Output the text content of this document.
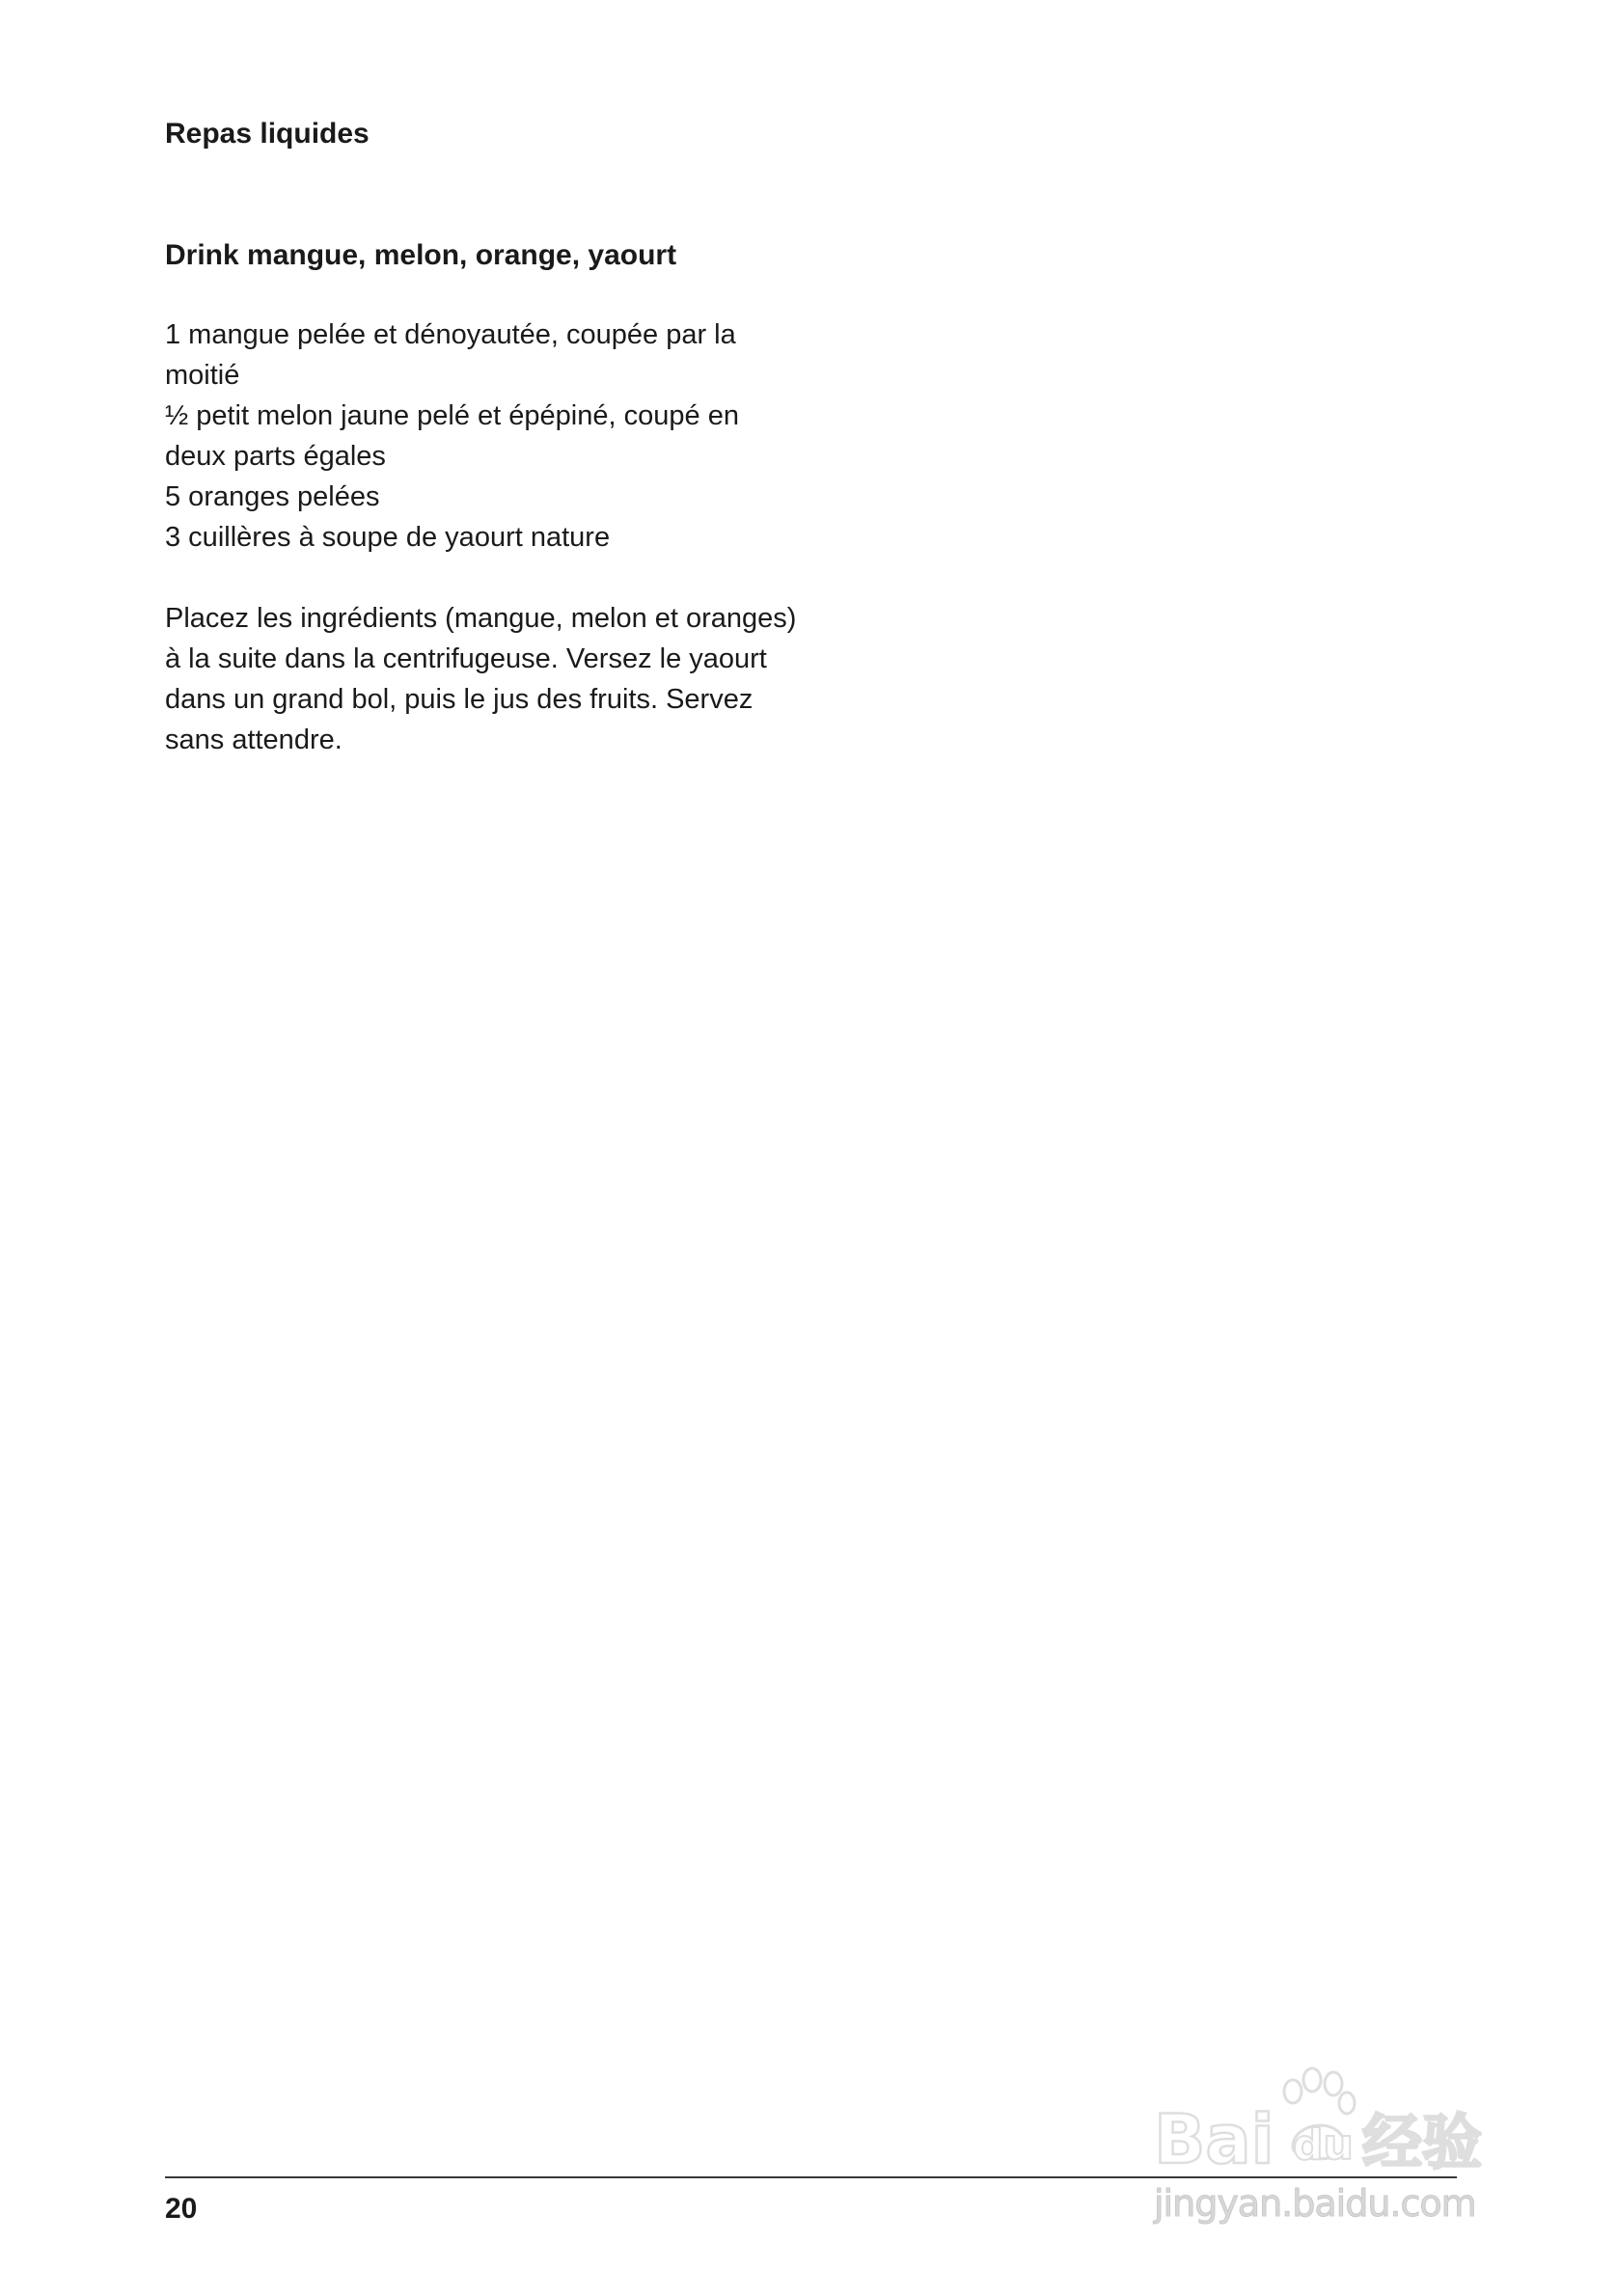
Repas liquides
Drink mangue, melon, orange, yaourt
1 mangue pelée et dénoyautée, coupée par la moitié
½ petit melon jaune pelé et épépiné, coupé en deux parts égales
5 oranges pelées
3 cuillères à soupe de yaourt nature

Placez les ingrédients (mangue, melon et oranges) à la suite dans la centrifugeuse. Versez le yaourt dans un grand bol, puis le jus des fruits. Servez sans attendre.

20
Bai du 经验
jingyan.baidu.com
